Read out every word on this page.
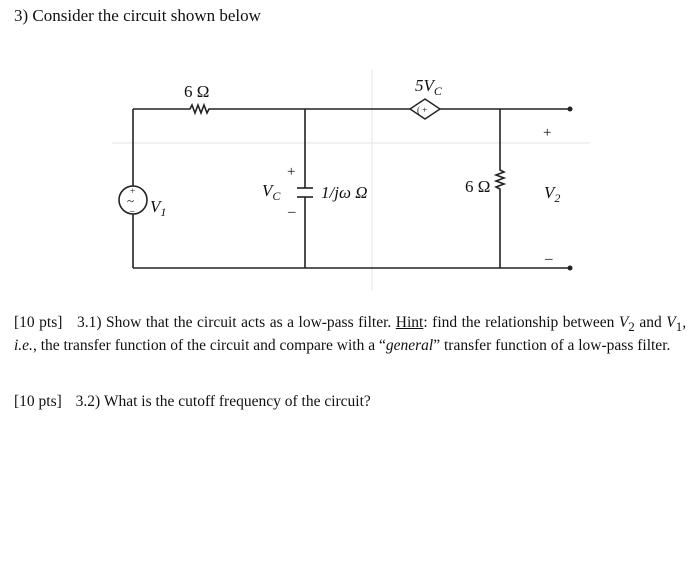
3) Consider the circuit shown below
+
~
–
( +
6 Ω	$5V_C$
+
$V_C$
–
1/jω Ω	6 Ω
$V_1$
+
$V_2$
–
[10 pts] 3.1) Show that the circuit acts as a low-pass filter. Hint: find the relationship between $V_2$ and $V_1$, i.e., the transfer function of the circuit and compare with a “general” transfer function of a low-pass filter.
[10 pts] 3.2) What is the cutoff frequency of the circuit?
